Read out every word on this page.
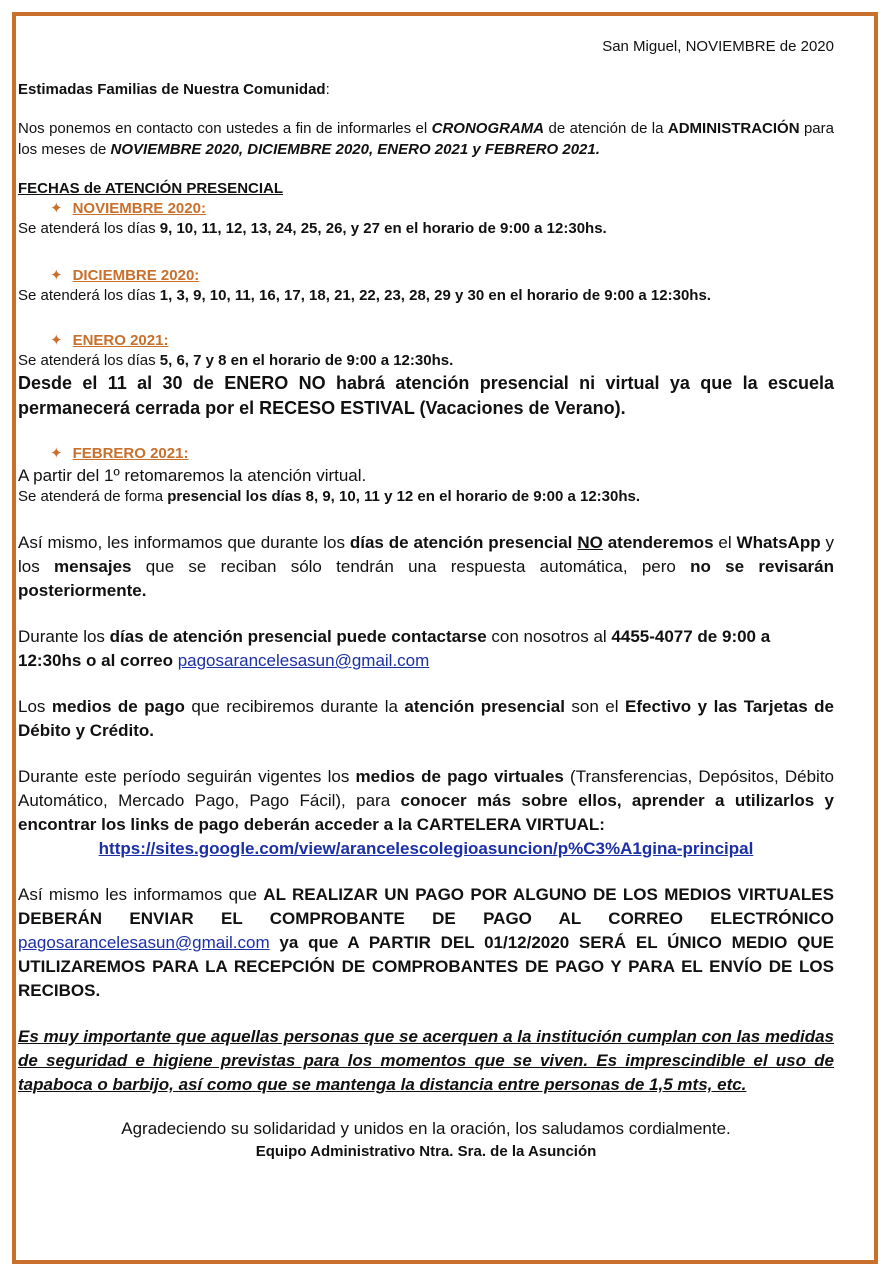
San Miguel, NOVIEMBRE de 2020

Estimadas Familias de Nuestra Comunidad:

Nos ponemos en contacto con ustedes a fin de informarles el CRONOGRAMA de atención de la ADMINISTRACIÓN para los meses de NOVIEMBRE 2020, DICIEMBRE 2020, ENERO 2021 y FEBRERO 2021.

FECHAS de ATENCIÓN PRESENCIAL

✦ NOVIEMBRE 2020:

Se atenderá los días 9, 10, 11, 12, 13, 24, 25, 26, y 27 en el horario de 9:00 a 12:30hs.

✦ DICIEMBRE 2020:

Se atenderá los días 1, 3, 9, 10, 11, 16, 17, 18, 21, 22, 23, 28, 29 y 30 en el horario de 9:00 a 12:30hs.

✦ ENERO 2021:

Se atenderá los días 5, 6, 7 y 8 en el horario de 9:00 a 12:30hs.

Desde el 11 al 30 de ENERO NO habrá atención presencial ni virtual ya que la escuela permanecerá cerrada por el RECESO ESTIVAL (Vacaciones de Verano).

✦ FEBRERO 2021:

A partir del 1º retomaremos la atención virtual.

Se atenderá de forma presencial los días 8, 9, 10, 11 y 12 en el horario de 9:00 a 12:30hs.

Así mismo, les informamos que durante los días de atención presencial NO atenderemos el WhatsApp y los mensajes que se reciban sólo tendrán una respuesta automática, pero no se revisarán posteriormente.

Durante los días de atención presencial puede contactarse con nosotros al 4455-4077 de 9:00 a 12:30hs o al correo pagosarancelesasun@gmail.com

Los medios de pago que recibiremos durante la atención presencial son el Efectivo y las Tarjetas de Débito y Crédito.

Durante este período seguirán vigentes los medios de pago virtuales (Transferencias, Depósitos, Débito Automático, Mercado Pago, Pago Fácil), para conocer más sobre ellos, aprender a utilizarlos y encontrar los links de pago deberán acceder a la CARTELERA VIRTUAL:

https://sites.google.com/view/arancelescolegioasuncion/p%C3%A1gina-principal

Así mismo les informamos que AL REALIZAR UN PAGO POR ALGUNO DE LOS MEDIOS VIRTUALES DEBERÁN ENVIAR EL COMPROBANTE DE PAGO AL CORREO ELECTRÓNICO pagosarancelesasun@gmail.com ya que A PARTIR DEL 01/12/2020 SERÁ EL ÚNICO MEDIO QUE UTILIZAREMOS PARA LA RECEPCIÓN DE COMPROBANTES DE PAGO Y PARA EL ENVÍO DE LOS RECIBOS.

Es muy importante que aquellas personas que se acerquen a la institución cumplan con las medidas de seguridad e higiene previstas para los momentos que se viven. Es imprescindible el uso de tapaboca o barbijo, así como que se mantenga la distancia entre personas de 1,5 mts, etc.

Agradeciendo su solidaridad y unidos en la oración, los saludamos cordialmente.

Equipo Administrativo Ntra. Sra. de la Asunción
